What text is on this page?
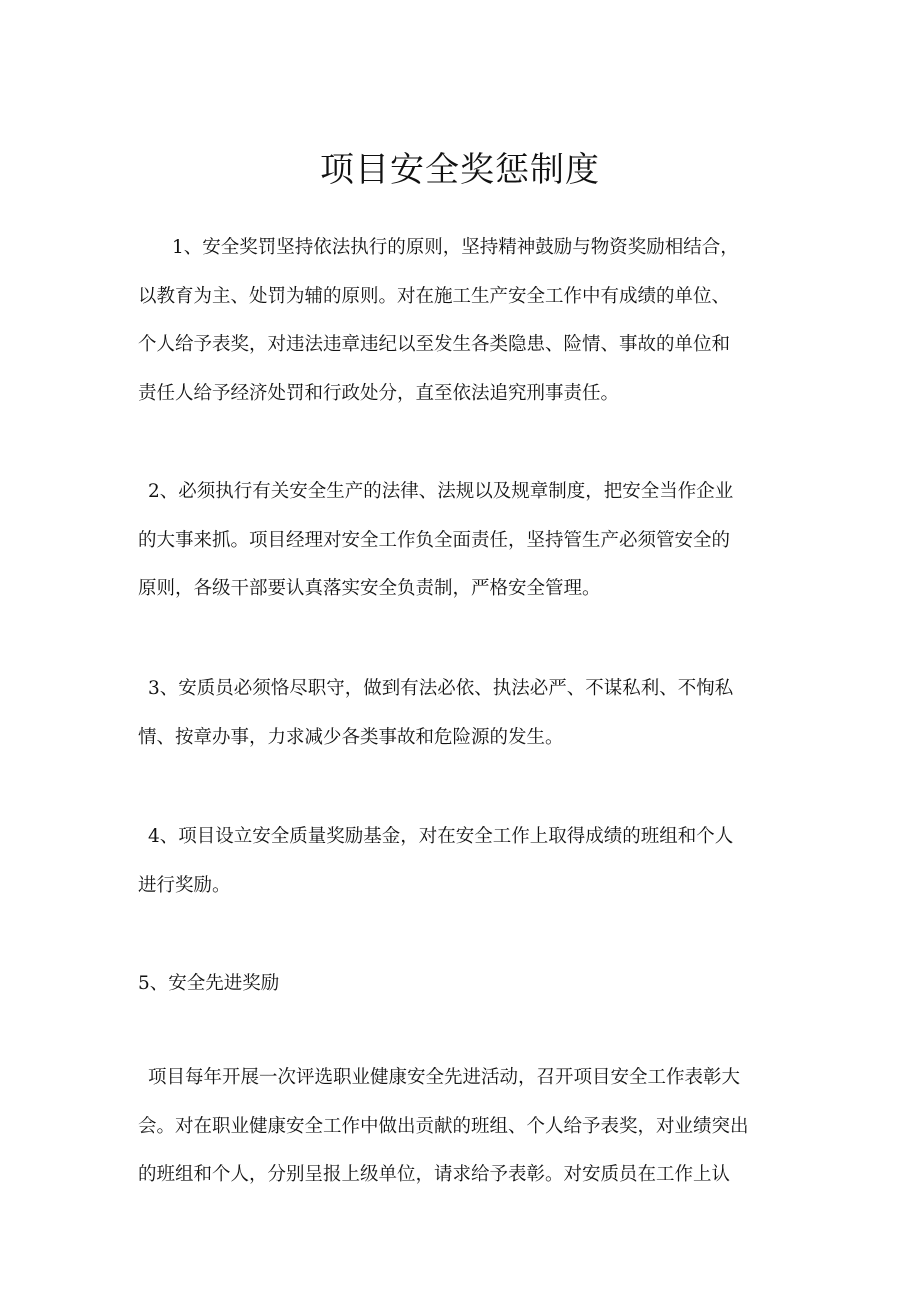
项目安全奖惩制度
1、安全奖罚坚持依法执行的原则，坚持精神鼓励与物资奖励相结合，
以教育为主、处罚为辅的原则。对在施工生产安全工作中有成绩的单位、
个人给予表奖，对违法违章违纪以至发生各类隐患、险情、事故的单位和
责任人给予经济处罚和行政处分，直至依法追究刑事责任。
2、必须执行有关安全生产的法律、法规以及规章制度，把安全当作企业
的大事来抓。项目经理对安全工作负全面责任，坚持管生产必须管安全的
原则，各级干部要认真落实安全负责制，严格安全管理。
3、安质员必须恪尽职守，做到有法必依、执法必严、不谋私利、不恂私
情、按章办事，力求减少各类事故和危险源的发生。
4、项目设立安全质量奖励基金，对在安全工作上取得成绩的班组和个人
进行奖励。
5、安全先进奖励
项目每年开展一次评选职业健康安全先进活动，召开项目安全工作表彰大
会。对在职业健康安全工作中做出贡献的班组、个人给予表奖，对业绩突出
的班组和个人，分别呈报上级单位，请求给予表彰。对安质员在工作上认
